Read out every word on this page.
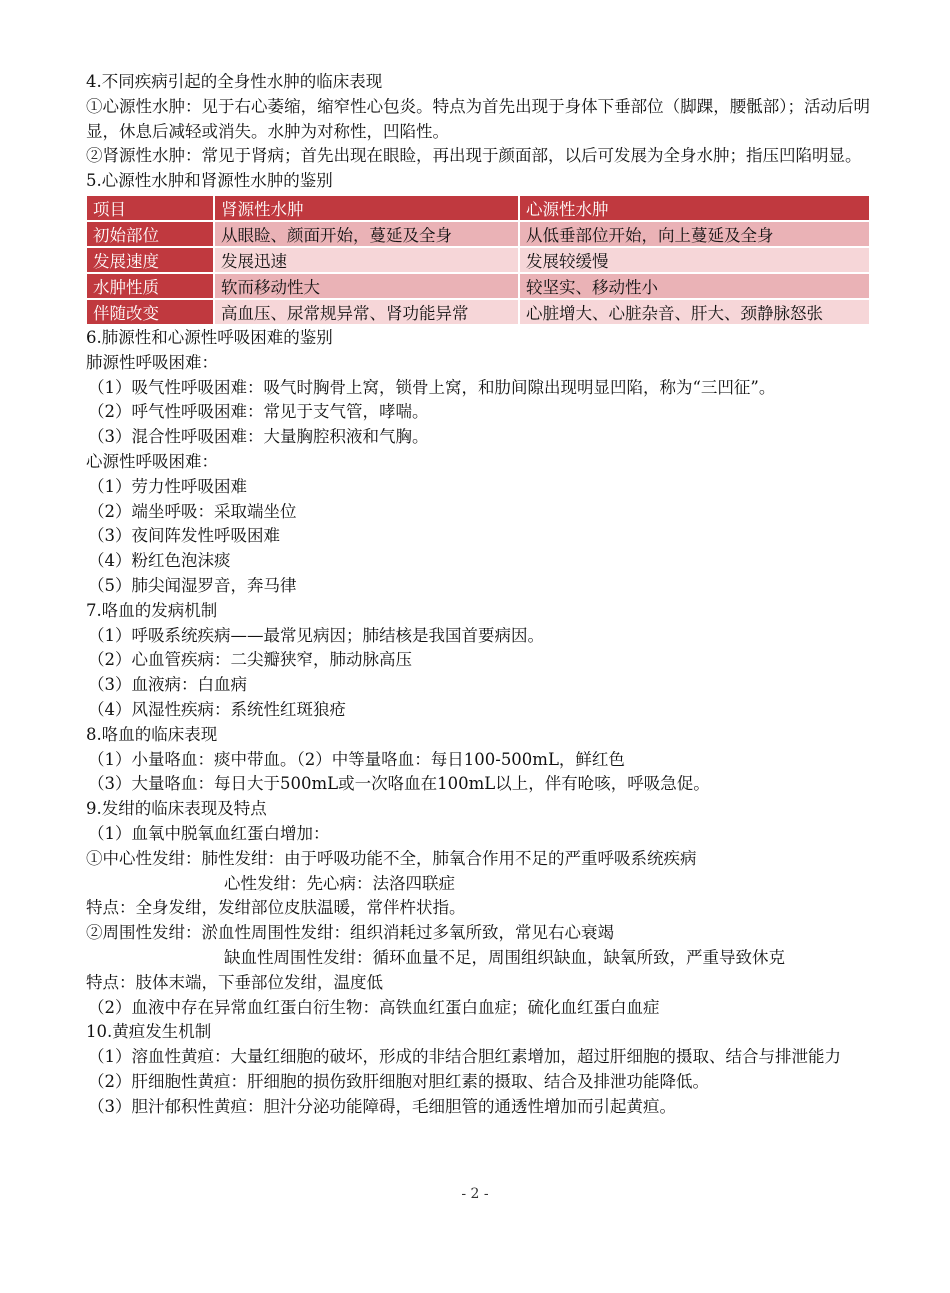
4.不同疾病引起的全身性水肿的临床表现
①心源性水肿：见于右心萎缩，缩窄性心包炎。特点为首先出现于身体下垂部位（脚踝，腰骶部）；活动后明显，休息后减轻或消失。水肿为对称性，凹陷性。
②肾源性水肿：常见于肾病；首先出现在眼睑，再出现于颜面部，以后可发展为全身水肿；指压凹陷明显。
5.心源性水肿和肾源性水肿的鉴别
项目	肾源性水肿	心源性水肿
初始部位	从眼睑、颜面开始，蔓延及全身	从低垂部位开始，向上蔓延及全身
发展速度	发展迅速	发展较缓慢
水肿性质	软而移动性大	较坚实、移动性小
伴随改变	高血压、尿常规异常、肾功能异常	心脏增大、心脏杂音、肝大、颈静脉怒张
6.肺源性和心源性呼吸困难的鉴别
肺源性呼吸困难：
（1）吸气性呼吸困难：吸气时胸骨上窝，锁骨上窝，和肋间隙出现明显凹陷，称为“三凹征”。
（2）呼气性呼吸困难：常见于支气管，哮喘。
（3）混合性呼吸困难：大量胸腔积液和气胸。
心源性呼吸困难：
（1）劳力性呼吸困难
（2）端坐呼吸：采取端坐位
（3）夜间阵发性呼吸困难
（4）粉红色泡沫痰
（5）肺尖闻湿罗音，奔马律
7.咯血的发病机制
（1）呼吸系统疾病——最常见病因；肺结核是我国首要病因。
（2）心血管疾病：二尖瓣狭窄，肺动脉高压
（3）血液病：白血病
（4）风湿性疾病：系统性红斑狼疮
8.咯血的临床表现
（1）小量咯血：痰中带血。（2）中等量咯血：每日100-500mL，鲜红色
（3）大量咯血：每日大于500mL或一次咯血在100mL以上，伴有呛咳，呼吸急促。
9.发绀的临床表现及特点
（1）血氧中脱氧血红蛋白增加：
①中心性发绀：肺性发绀：由于呼吸功能不全，肺氧合作用不足的严重呼吸系统疾病
心性发绀：先心病：法洛四联症
特点：全身发绀，发绀部位皮肤温暖，常伴杵状指。
②周围性发绀：淤血性周围性发绀：组织消耗过多氧所致，常见右心衰竭
缺血性周围性发绀：循环血量不足，周围组织缺血，缺氧所致，严重导致休克
特点：肢体末端，下垂部位发绀，温度低
（2）血液中存在异常血红蛋白衍生物：高铁血红蛋白血症；硫化血红蛋白血症
10.黄疸发生机制
（1）溶血性黄疸：大量红细胞的破坏，形成的非结合胆红素增加，超过肝细胞的摄取、结合与排泄能力
（2）肝细胞性黄疸：肝细胞的损伤致肝细胞对胆红素的摄取、结合及排泄功能降低。
（3）胆汁郁积性黄疸：胆汁分泌功能障碍，毛细胆管的通透性增加而引起黄疸。
- 2 -
